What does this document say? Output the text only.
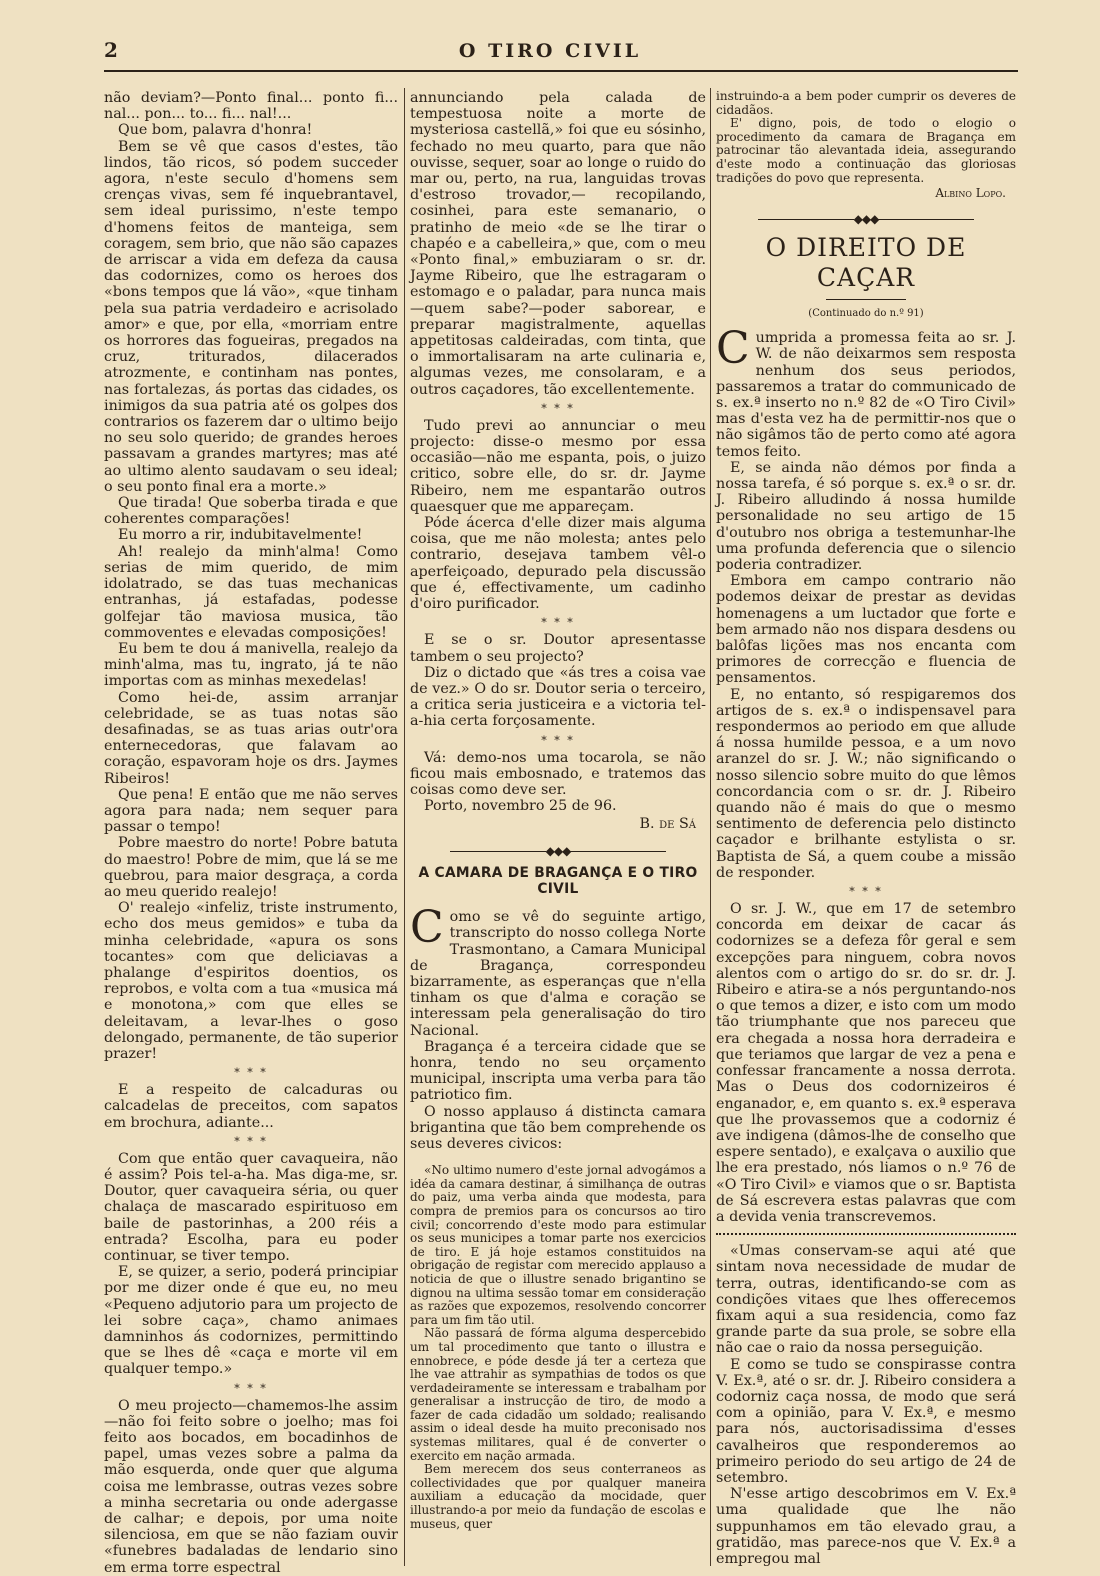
2	O TIRO CIVIL

não deviam?—Ponto final... ponto fi... nal... pon... to... fi... nal!...

Que bom, palavra d'honra!

Bem se vê que casos d'estes, tão lindos, tão ricos, só podem succeder agora, n'este seculo d'homens sem crenças vivas, sem fé inquebrantavel, sem ideal purissimo, n'este tempo d'homens feitos de manteiga, sem coragem, sem brio, que não são capazes de arriscar a vida em defeza da causa das codornizes, como os heroes dos «bons tempos que lá vão», «que tinham pela sua patria verdadeiro e acrisolado amor» e que, por ella, «morriam entre os horrores das fogueiras, pregados na cruz, triturados, dilacerados atrozmente, e continham nas pontes, nas fortalezas, ás portas das cidades, os inimigos da sua patria até os golpes dos contrarios os fazerem dar o ultimo beijo no seu solo querido; de grandes heroes passavam a grandes martyres; mas até ao ultimo alento saudavam o seu ideal; o seu ponto final era a morte.»

Que tirada! Que soberba tirada e que coherentes comparações!

Eu morro a rir, indubitavelmente!

Ah! realejo da minh'alma! Como serias de mim querido, de mim idolatrado, se das tuas mechanicas entranhas, já estafadas, podesse golfejar tão maviosa musica, tão commoventes e elevadas composições!

Eu bem te dou á manivella, realejo da minh'alma, mas tu, ingrato, já te não importas com as minhas mexedelas!

Como hei-de, assim arranjar celebridade, se as tuas notas são desafinadas, se as tuas arias outr'ora enternecedoras, que falavam ao coração, espavoram hoje os drs. Jaymes Ribeiros!

Que pena! E então que me não serves agora para nada; nem sequer para passar o tempo!

Pobre maestro do norte! Pobre batuta do maestro! Pobre de mim, que lá se me quebrou, para maior desgraça, a corda ao meu querido realejo!

O' realejo «infeliz, triste instrumento, echo dos meus gemidos» e tuba da minha celebridade, «apura os sons tocantes» com que deliciavas a phalange d'espiritos doentios, os reprobos, e volta com a tua «musica má e monotona,» com que elles se deleitavam, a levar-lhes o goso delongado, permanente, de tão superior prazer!

* * *

E a respeito de calcaduras ou calcadelas de preceitos, com sapatos em brochura, adiante...

* * *

Com que então quer cavaqueira, não é assim? Pois tel-a-ha. Mas diga-me, sr. Doutor, quer cavaqueira séria, ou quer chalaça de mascarado espirituoso em baile de pastorinhas, a 200 réis a entrada? Escolha, para eu poder continuar, se tiver tempo.

E, se quizer, a serio, poderá principiar por me dizer onde é que eu, no meu «Pequeno adjutorio para um projecto de lei sobre caça», chamo animaes damninhos ás codornizes, permittindo que se lhes dê «caça e morte vil em qualquer tempo.»

* * *

O meu projecto—chamemos-lhe assim—não foi feito sobre o joelho; mas foi feito aos bocados, em bocadinhos de papel, umas vezes sobre a palma da mão esquerda, onde quer que alguma coisa me lembrasse, outras vezes sobre a minha secretaria ou onde adergasse de calhar; e depois, por uma noite silenciosa, em que se não faziam ouvir «funebres badaladas de lendario sino em erma torre espectral

annunciando pela calada de tempestuosa noite a morte de mysteriosa castellã,» foi que eu sósinho, fechado no meu quarto, para que não ouvisse, sequer, soar ao longe o ruido do mar ou, perto, na rua, languidas trovas d'estroso trovador,— recopilando, cosinhei, para este semanario, o pratinho de meio «de se lhe tirar o chapéo e a cabelleira,» que, com o meu «Ponto final,» embuziaram o sr. dr. Jayme Ribeiro, que lhe estragaram o estomago e o paladar, para nunca mais—quem sabe?—poder saborear, e preparar magistralmente, aquellas appetitosas caldeiradas, com tinta, que o immortalisaram na arte culinaria e, algumas vezes, me consolaram, e a outros caçadores, tão excellentemente.

* * *

Tudo previ ao annunciar o meu projecto: disse-o mesmo por essa occasião—não me espanta, pois, o juizo critico, sobre elle, do sr. dr. Jayme Ribeiro, nem me espantarão outros quaesquer que me appareçam.

Póde ácerca d'elle dizer mais alguma coisa, que me não molesta; antes pelo contrario, desejava tambem vêl-o aperfeiçoado, depurado pela discussão que é, effectivamente, um cadinho d'oiro purificador.

* * *

E se o sr. Doutor apresentasse tambem o seu projecto?

Diz o dictado que «ás tres a coisa vae de vez.» O do sr. Doutor seria o terceiro, a critica seria justiceira e a victoria tel-a-hia certa forçosamente.

* * *

Vá: demo-nos uma tocarola, se não ficou mais embosnado, e tratemos das coisas como deve ser.

Porto, novembro 25 de 96.

B. de Sá
◆◆◆
A CAMARA DE BRAGANÇA E O TIRO CIVIL

Como se vê do seguinte artigo, transcripto do nosso collega Norte Trasmontano, a Camara Municipal de Bragança, correspondeu bizarramente, as esperanças que n'ella tinham os que d'alma e coração se interessam pela generalisação do tiro Nacional.

Bragança é a terceira cidade que se honra, tendo no seu orçamento municipal, inscripta uma verba para tão patriotico fim.

O nosso applauso á distincta camara brigantina que tão bem comprehende os seus deveres civicos:

«No ultimo numero d'este jornal advogámos a idéa da camara destinar, á similhança de outras do paiz, uma verba ainda que modesta, para compra de premios para os concursos ao tiro civil; concorrendo d'este modo para estimular os seus municipes a tomar parte nos exercicios de tiro. E já hoje estamos constituidos na obrigação de registar com merecido applauso a noticia de que o illustre senado brigantino se dignou na ultima sessão tomar em consideração as razões que expozemos, resolvendo concorrer para um fim tão util.

Não passará de fórma alguma despercebido um tal procedimento que tanto o illustra e ennobrece, e póde desde já ter a certeza que lhe vae attrahir as sympathias de todos os que verdadeiramente se interessam e trabalham por generalisar a instrucção de tiro, de modo a fazer de cada cidadão um soldado; realisando assim o ideal desde ha muito preconisado nos systemas militares, qual é de converter o exercito em nação armada.

Bem merecem dos seus conterraneos as collectividades que por qualquer maneira auxiliam a educação da mocidade, quer illustrando-a por meio da fundação de escolas e museus, quer

instruindo-a a bem poder cumprir os deveres de cidadãos.

E' digno, pois, de todo o elogio o procedimento da camara de Bragança em patrocinar tão alevantada ideia, assegurando d'este modo a continuação das gloriosas tradições do povo que representa.

Albino Lopo.
◆◆◆
O DIREITO DE CAÇAR
(Continuado do n.º 91)

Cumprida a promessa feita ao sr. J. W. de não deixarmos sem resposta nenhum dos seus periodos, passaremos a tratar do communicado de s. ex.ª inserto no n.º 82 de «O Tiro Civil» mas d'esta vez ha de permittir-nos que o não sigâmos tão de perto como até agora temos feito.

E, se ainda não démos por finda a nossa tarefa, é só porque s. ex.ª o sr. dr. J. Ribeiro alludindo á nossa humilde personalidade no seu artigo de 15 d'outubro nos obriga a testemunhar-lhe uma profunda deferencia que o silencio poderia contradizer.

Embora em campo contrario não podemos deixar de prestar as devidas homenagens a um luctador que forte e bem armado não nos dispara desdens ou balôfas lições mas nos encanta com primores de correcção e fluencia de pensamentos.

E, no entanto, só respigaremos dos artigos de s. ex.ª o indispensavel para respondermos ao periodo em que allude á nossa humilde pessoa, e a um novo aranzel do sr. J. W.; não significando o nosso silencio sobre muito do que lêmos concordancia com o sr. dr. J. Ribeiro quando não é mais do que o mesmo sentimento de deferencia pelo distincto caçador e brilhante estylista o sr. Baptista de Sá, a quem coube a missão de responder.

* * *

O sr. J. W., que em 17 de setembro concorda em deixar de cacar ás codornizes se a defeza fôr geral e sem excepções para ninguem, cobra novos alentos com o artigo do sr. do sr. dr. J. Ribeiro e atira-se a nós perguntando-nos o que temos a dizer, e isto com um modo tão triumphante que nos pareceu que era chegada a nossa hora derradeira e que teriamos que largar de vez a pena e confessar francamente a nossa derrota. Mas o Deus dos codornizeiros é enganador, e, em quanto s. ex.ª esperava que lhe provassemos que a codorniz é ave indigena (dâmos-lhe de conselho que espere sentado), e exalçava o auxilio que lhe era prestado, nós liamos o n.º 76 de «O Tiro Civil» e viamos que o sr. Baptista de Sá escrevera estas palavras que com a devida venia transcrevemos.

«Umas conservam-se aqui até que sintam nova necessidade de mudar de terra, outras, identificando-se com as condições vitaes que lhes offerecemos fixam aqui a sua residencia, como faz grande parte da sua prole, se sobre ella não cae o raio da nossa perseguição.

E como se tudo se conspirasse contra V. Ex.ª, até o sr. dr. J. Ribeiro considera a codorniz caça nossa, de modo que será com a opinião, para V. Ex.ª, e mesmo para nós, auctorisadissima d'esses cavalheiros que responderemos ao primeiro periodo do seu artigo de 24 de setembro.

N'esse artigo descobrimos em V. Ex.ª uma qualidade que lhe não suppunhamos em tão elevado grau, a gratidão, mas parece-nos que V. Ex.ª a empregou mal
